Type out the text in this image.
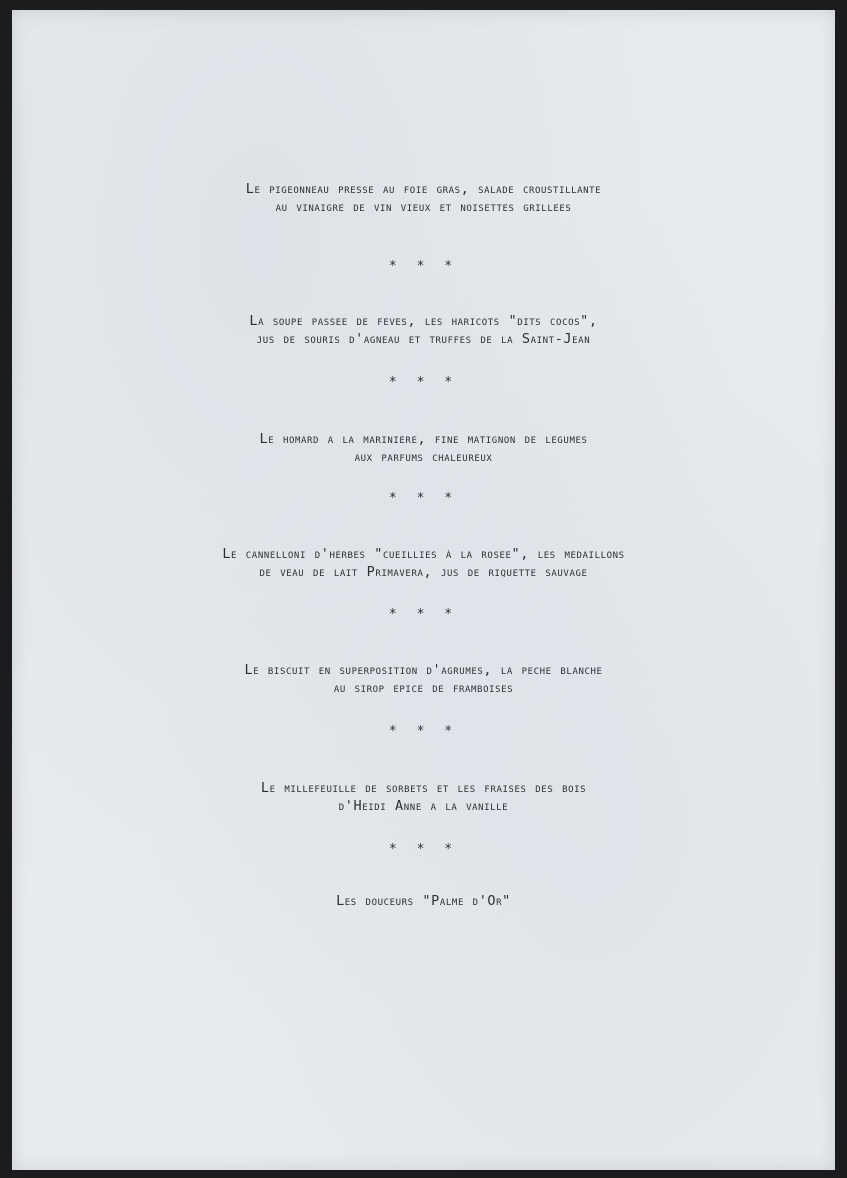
Le pigeonneau presse au foie gras, salade croustillante
au vinaigre de vin vieux et noisettes grillees

* * *

La soupe passee de feves, les haricots "dits cocos",
jus de souris d'agneau et truffes de la Saint-Jean

* * *

Le homard a la mariniere, fine matignon de legumes
aux parfums chaleureux

* * *

Le cannelloni d'herbes "cueillies à la rosee", les medaillons
de veau de lait Primavera, jus de riquette sauvage

* * *

Le biscuit en superposition d'agrumes, la peche blanche
au sirop epice de framboises

* * *

Le millefeuille de sorbets et les fraises des bois
d'Heidi Anne a la vanille

* * *

Les douceurs "Palme d'Or"
